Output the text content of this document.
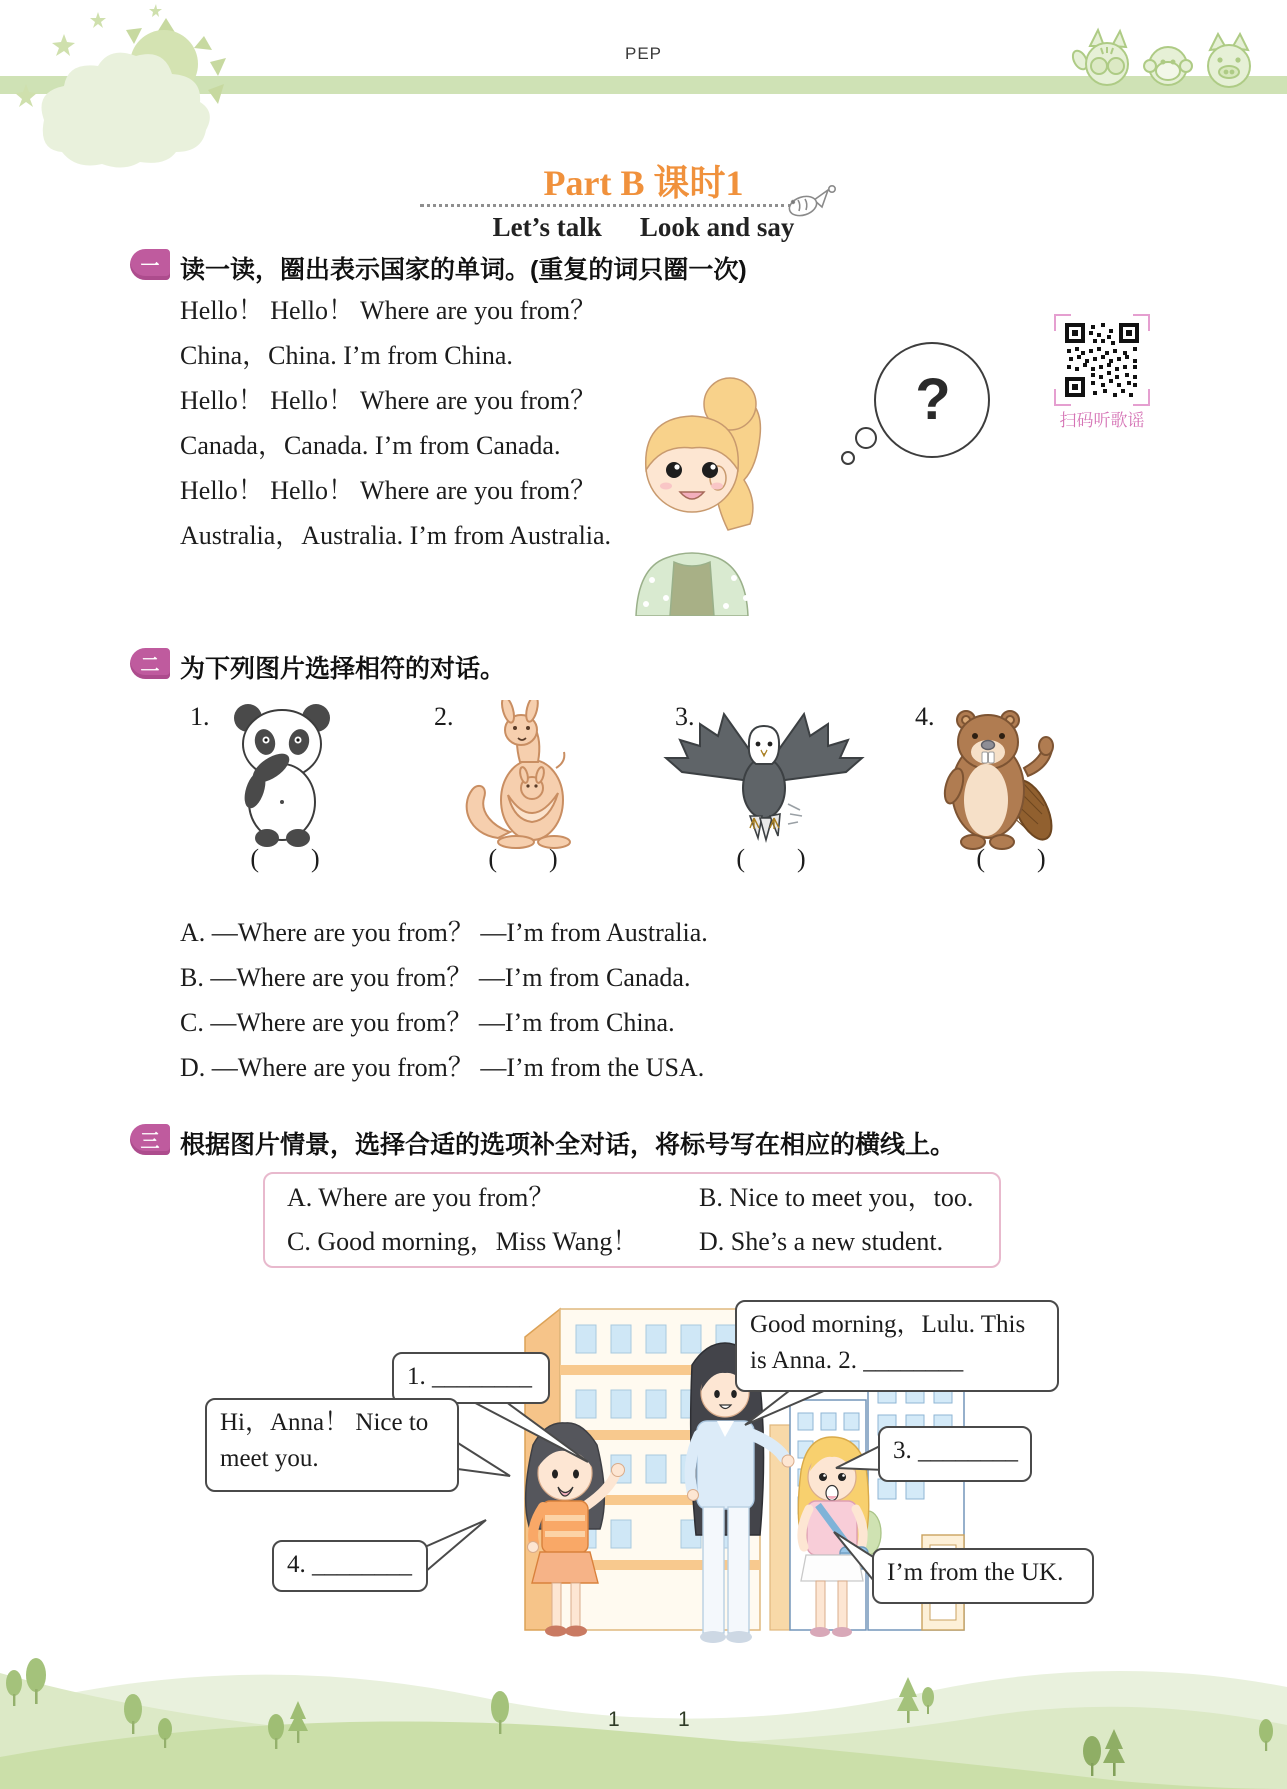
PEP
Part B 课时1
Let’s talk Look and say
一 读一读，圈出表示国家的单词。(重复的词只圈一次)
Hello！ Hello！ Where are you from？
China，China. I’m from China.
Hello！ Hello！ Where are you from？
Canada，Canada. I’m from Canada.
Hello！ Hello！ Where are you from？
Australia，Australia. I’m from Australia.
?	扫码听歌谣
二 为下列图片选择相符的对话。
1.	2.	3.	4.
(        )	(        )	(        )	(        )
A. —Where are you from？ —I’m from Australia.
B. —Where are you from？ —I’m from Canada.
C. —Where are you from？ —I’m from China.
D. —Where are you from？ —I’m from the USA.
三 根据图片情景，选择合适的选项补全对话，将标号写在相应的横线上。
A. Where are you from？	B. Nice to meet you，too.
C. Good morning，Miss Wang！	D. She’s a new student.
1. ________
Good morning，Lulu. This
is Anna. 2. ________
Hi，Anna！ Nice to
meet you.	3. ________
4. ________	I’m from the UK.
1	1
